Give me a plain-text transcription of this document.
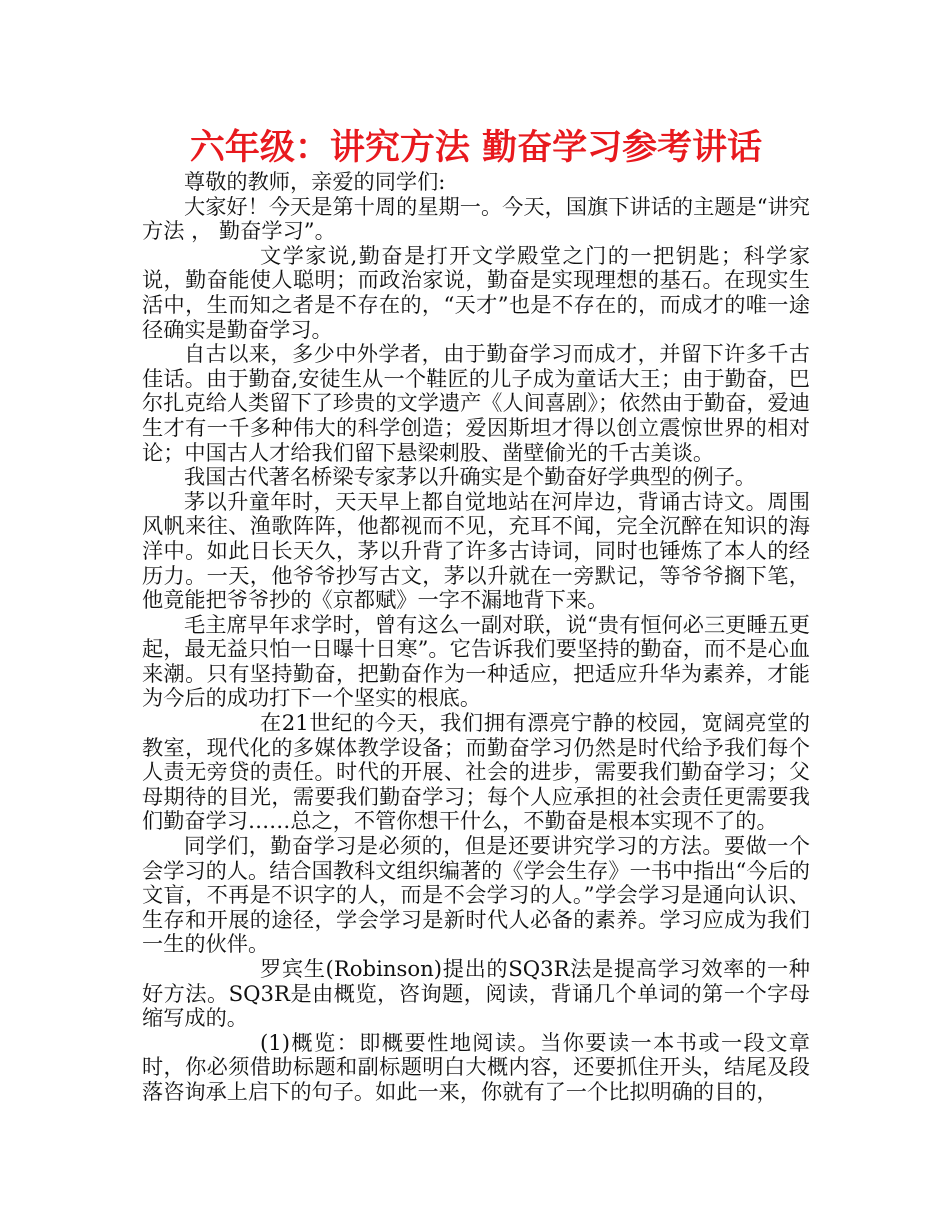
六年级：讲究方法 勤奋学习参考讲话

尊敬的教师，亲爱的同学们:

大家好！今天是第十周的星期一。今天，国旗下讲话的主题是“讲究方法 ， 勤奋学习”。

文学家说,勤奋是打开文学殿堂之门的一把钥匙；科学家说，勤奋能使人聪明；而政治家说，勤奋是实现理想的基石。在现实生活中，生而知之者是不存在的，“天才”也是不存在的，而成才的唯一途径确实是勤奋学习。

自古以来，多少中外学者，由于勤奋学习而成才，并留下许多千古佳话。由于勤奋,安徒生从一个鞋匠的儿子成为童话大王；由于勤奋，巴尔扎克给人类留下了珍贵的文学遗产《人间喜剧》；依然由于勤奋，爱迪生才有一千多种伟大的科学创造；爱因斯坦才得以创立震惊世界的相对论；中国古人才给我们留下悬梁刺股、凿壁偷光的千古美谈。

我国古代著名桥梁专家茅以升确实是个勤奋好学典型的例子。

茅以升童年时，天天早上都自觉地站在河岸边，背诵古诗文。周围风帆来往、渔歌阵阵，他都视而不见，充耳不闻，完全沉醉在知识的海洋中。如此日长天久，茅以升背了许多古诗词，同时也锤炼了本人的经历力。一天，他爷爷抄写古文，茅以升就在一旁默记，等爷爷搁下笔，他竟能把爷爷抄的《京都赋》一字不漏地背下来。

毛主席早年求学时，曾有这么一副对联，说“贵有恒何必三更睡五更起，最无益只怕一日曝十日寒”。它告诉我们要坚持的勤奋，而不是心血来潮。只有坚持勤奋，把勤奋作为一种适应，把适应升华为素养，才能为今后的成功打下一个坚实的根底。

在21世纪的今天，我们拥有漂亮宁静的校园，宽阔亮堂的教室，现代化的多媒体教学设备；而勤奋学习仍然是时代给予我们每个人责无旁贷的责任。时代的开展、社会的进步，需要我们勤奋学习；父母期待的目光，需要我们勤奋学习；每个人应承担的社会责任更需要我们勤奋学习……总之，不管你想干什么，不勤奋是根本实现不了的。

同学们，勤奋学习是必须的，但是还要讲究学习的方法。要做一个会学习的人。结合国教科文组织编著的《学会生存》一书中指出“今后的文盲，不再是不识字的人，而是不会学习的人。”学会学习是通向认识、生存和开展的途径，学会学习是新时代人必备的素养。学习应成为我们一生的伙伴。

罗宾生(Robinson)提出的SQ3R法是提高学习效率的一种好方法。SQ3R是由概览，咨询题，阅读，背诵几个单词的第一个字母缩写成的。

(1)概览：即概要性地阅读。当你要读一本书或一段文章时，你必须借助标题和副标题明白大概内容，还要抓住开头，结尾及段落咨询承上启下的句子。如此一来，你就有了一个比拟明确的目的，
